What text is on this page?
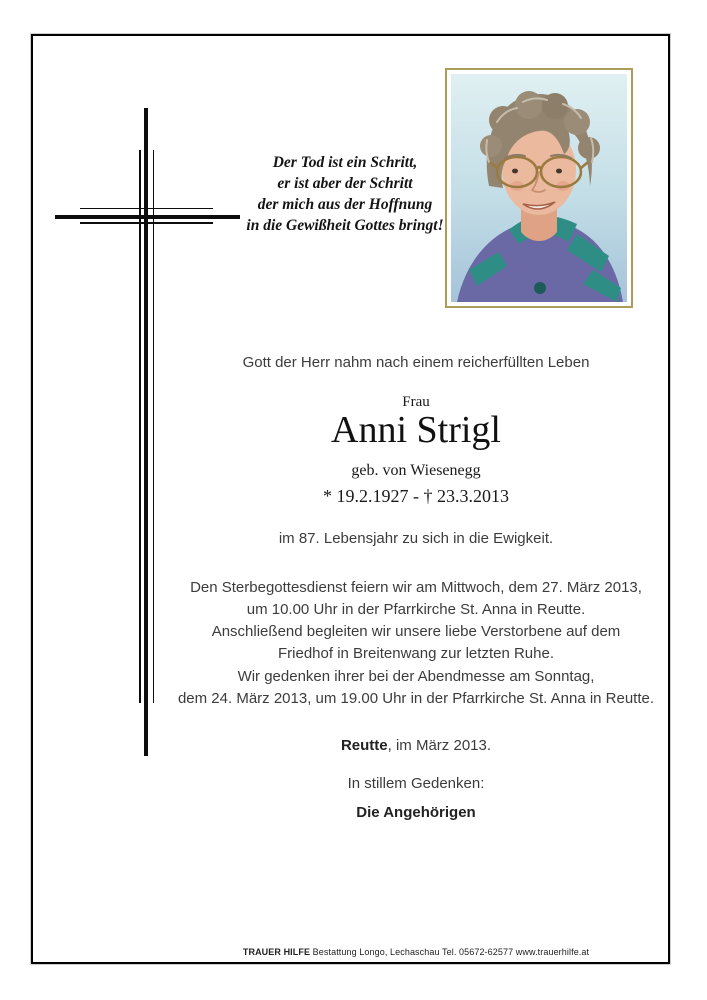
Der Tod ist ein Schritt,
er ist aber der Schritt
der mich aus der Hoffnung
in die Gewißheit Gottes bringt!
Gott der Herr nahm nach einem reicherfüllten Leben
Frau
Anni Strigl
geb. von Wiesenegg
* 19.2.1927 - † 23.3.2013
im 87. Lebensjahr zu sich in die Ewigkeit.
Den Sterbegottesdienst feiern wir am Mittwoch, dem 27. März 2013,
um 10.00 Uhr in der Pfarrkirche St. Anna in Reutte.
Anschließend begleiten wir unsere liebe Verstorbene auf dem
Friedhof in Breitenwang zur letzten Ruhe.
Wir gedenken ihrer bei der Abendmesse am Sonntag,
dem 24. März 2013, um 19.00 Uhr in der Pfarrkirche St. Anna in Reutte.
Reutte, im März 2013.
In stillem Gedenken:
Die Angehörigen
TRAUER HILFE Bestattung Longo, Lechaschau Tel. 05672-62577 www.trauerhilfe.at
